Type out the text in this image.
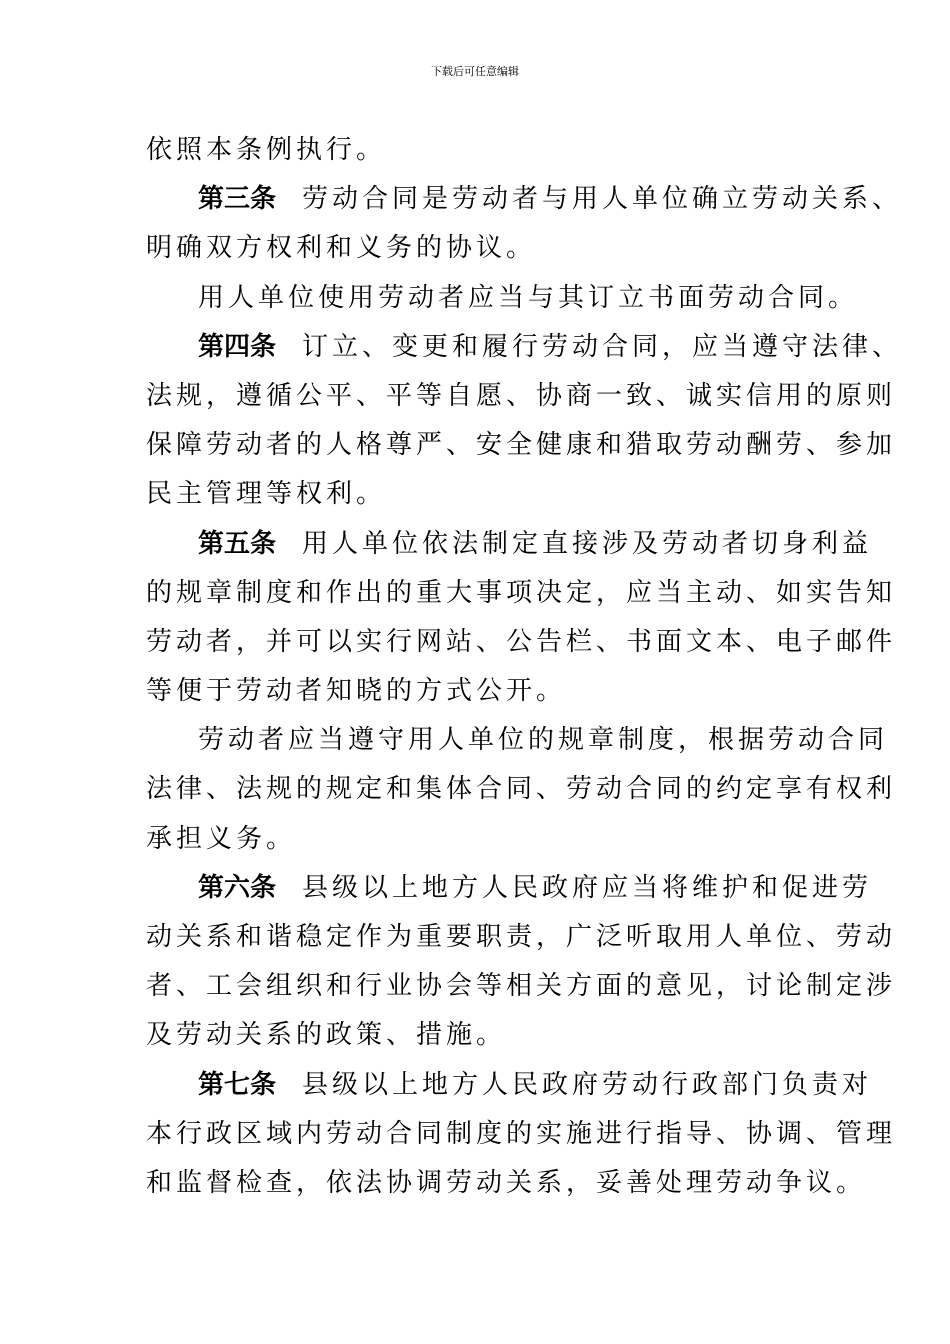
下载后可任意编辑
依照本条例执行。
第三条 劳动合同是劳动者与用人单位确立劳动关系、
明确双方权利和义务的协议。
用人单位使用劳动者应当与其订立书面劳动合同。
第四条 订立、变更和履行劳动合同，应当遵守法律、
法规，遵循公平、平等自愿、协商一致、诚实信用的原则
保障劳动者的人格尊严、安全健康和猎取劳动酬劳、参加
民主管理等权利。
第五条 用人单位依法制定直接涉及劳动者切身利益
的规章制度和作出的重大事项决定，应当主动、如实告知
劳动者，并可以实行网站、公告栏、书面文本、电子邮件
等便于劳动者知晓的方式公开。
劳动者应当遵守用人单位的规章制度，根据劳动合同
法律、法规的规定和集体合同、劳动合同的约定享有权利
承担义务。
第六条 县级以上地方人民政府应当将维护和促进劳
动关系和谐稳定作为重要职责，广泛听取用人单位、劳动
者、工会组织和行业协会等相关方面的意见，讨论制定涉
及劳动关系的政策、措施。
第七条 县级以上地方人民政府劳动行政部门负责对
本行政区域内劳动合同制度的实施进行指导、协调、管理
和监督检查，依法协调劳动关系，妥善处理劳动争议。
